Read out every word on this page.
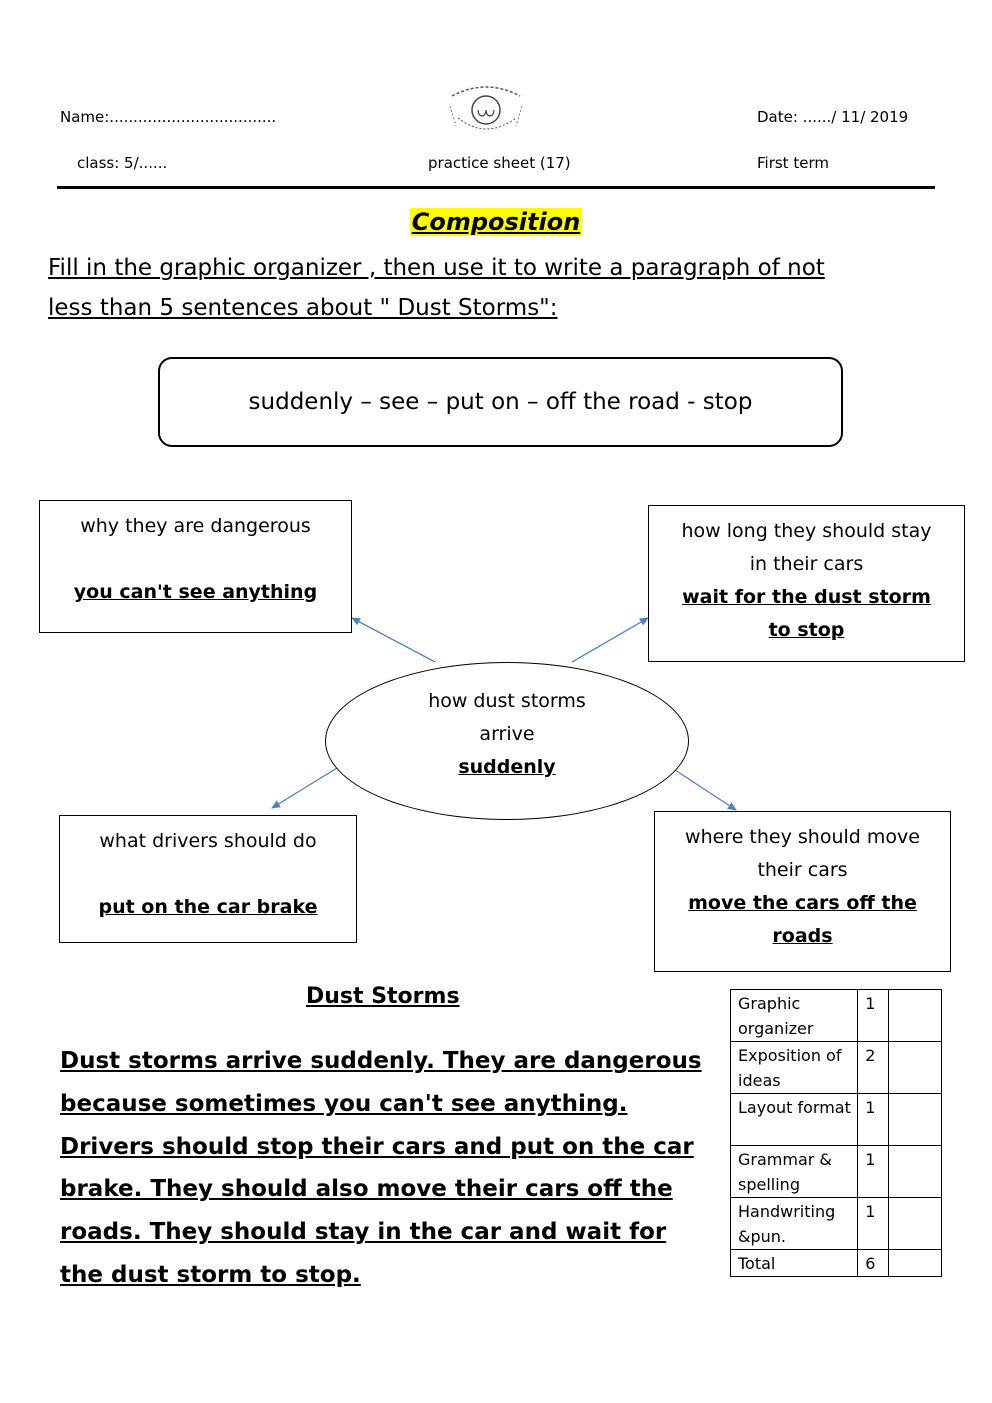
Name:...................................	Date: ....../ 11/ 2019
class: 5/......	practice sheet (17)	First term
Composition
Fill in the graphic organizer , then use it to write a paragraph of not
less than 5 sentences about " Dust Storms":
suddenly – see – put on – off the road - stop
why they are dangerous
you can't see anything
how long they should stay
in their cars
wait for the dust storm
to stop
how dust storms
arrive
suddenly
what drivers should do
put on the car brake
where they should move
their cars
move the cars off the
roads
Dust Storms
Dust storms arrive suddenly. They are dangerous
because sometimes you can't see anything.
Drivers should stop their cars and put on the car
brake. They should also move their cars off the
roads. They should stay in the car and wait for
the dust storm to stop.
Graphic organizer	1	
Exposition of ideas	2	
Layout format	1	
Grammar & spelling	1	
Handwriting &pun.	1	
Total	6	
